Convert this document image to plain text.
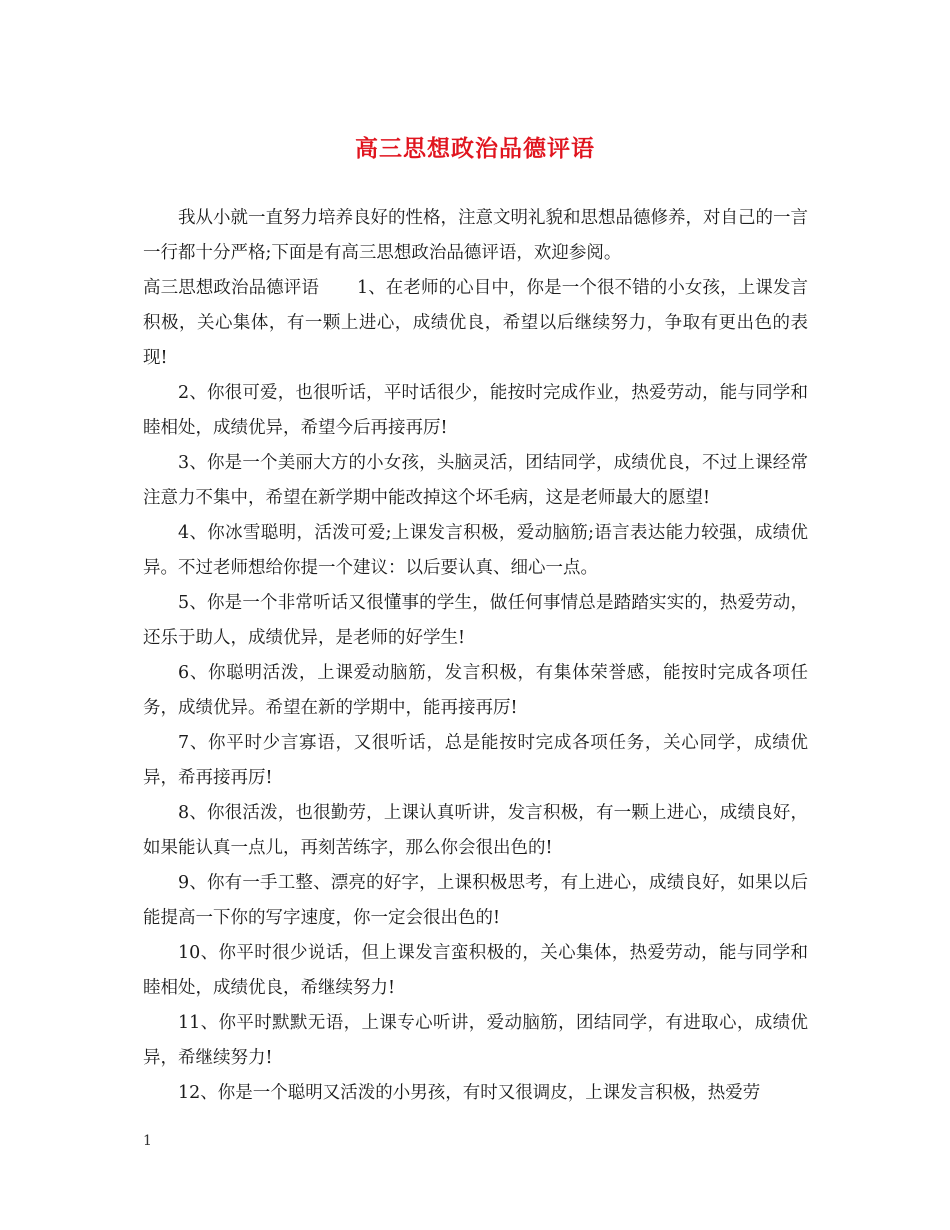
高三思想政治品德评语

我从小就一直努力培养良好的性格，注意文明礼貌和思想品德修养，对自己的一言一行都十分严格;下面是有高三思想政治品德评语，欢迎参阅。

高三思想政治品德评语 1、在老师的心目中，你是一个很不错的小女孩，上课发言积极，关心集体，有一颗上进心，成绩优良，希望以后继续努力，争取有更出色的表现!

2、你很可爱，也很听话，平时话很少，能按时完成作业，热爱劳动，能与同学和睦相处，成绩优异，希望今后再接再厉!

3、你是一个美丽大方的小女孩，头脑灵活，团结同学，成绩优良，不过上课经常注意力不集中，希望在新学期中能改掉这个坏毛病，这是老师最大的愿望!

4、你冰雪聪明，活泼可爱;上课发言积极，爱动脑筋;语言表达能力较强，成绩优异。不过老师想给你提一个建议：以后要认真、细心一点。

5、你是一个非常听话又很懂事的学生，做任何事情总是踏踏实实的，热爱劳动，还乐于助人，成绩优异，是老师的好学生!

6、你聪明活泼，上课爱动脑筋，发言积极，有集体荣誉感，能按时完成各项任务，成绩优异。希望在新的学期中，能再接再厉!

7、你平时少言寡语，又很听话，总是能按时完成各项任务，关心同学，成绩优异，希再接再厉!

8、你很活泼，也很勤劳，上课认真听讲，发言积极，有一颗上进心，成绩良好，如果能认真一点儿，再刻苦练字，那么你会很出色的!

9、你有一手工整、漂亮的好字，上课积极思考，有上进心，成绩良好，如果以后能提高一下你的写字速度，你一定会很出色的!

10、你平时很少说话，但上课发言蛮积极的，关心集体，热爱劳动，能与同学和睦相处，成绩优良，希继续努力!

11、你平时默默无语，上课专心听讲，爱动脑筋，团结同学，有进取心，成绩优异，希继续努力!

12、你是一个聪明又活泼的小男孩，有时又很调皮，上课发言积极，热爱劳

1
